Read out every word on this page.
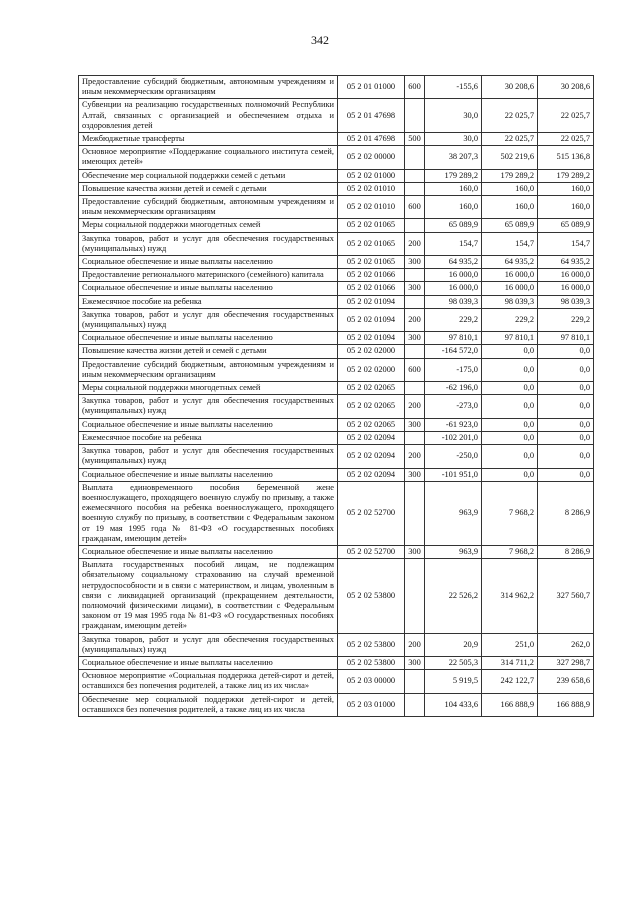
342
Предоставление субсидий бюджетным, автономным учреждениям и иным некоммерческим организациям	05 2 01 01000	600	-155,6	30 208,6	30 208,6
Субвенции на реализацию государственных полномочий Республики Алтай, связанных с организацией и обеспечением отдыха и оздоровления детей	05 2 01 47698		30,0	22 025,7	22 025,7
Межбюджетные трансферты	05 2 01 47698	500	30,0	22 025,7	22 025,7
Основное мероприятие «Поддержание социального института семей, имеющих детей»	05 2 02 00000		38 207,3	502 219,6	515 136,8
Обеспечение мер социальной поддержки семей с детьми	05 2 02 01000		179 289,2	179 289,2	179 289,2
Повышение качества жизни детей и семей с детьми	05 2 02 01010		160,0	160,0	160,0
Предоставление субсидий бюджетным, автономным учреждениям и иным некоммерческим организациям	05 2 02 01010	600	160,0	160,0	160,0
Меры социальной поддержки многодетных семей	05 2 02 01065		65 089,9	65 089,9	65 089,9
Закупка товаров, работ и услуг для обеспечения государственных (муниципальных) нужд	05 2 02 01065	200	154,7	154,7	154,7
Социальное обеспечение и иные выплаты населению	05 2 02 01065	300	64 935,2	64 935,2	64 935,2
Предоставление регионального материнского (семейного) капитала	05 2 02 01066		16 000,0	16 000,0	16 000,0
Социальное обеспечение и иные выплаты населению	05 2 02 01066	300	16 000,0	16 000,0	16 000,0
Ежемесячное пособие на ребенка	05 2 02 01094		98 039,3	98 039,3	98 039,3
Закупка товаров, работ и услуг для обеспечения государственных (муниципальных) нужд	05 2 02 01094	200	229,2	229,2	229,2
Социальное обеспечение и иные выплаты населению	05 2 02 01094	300	97 810,1	97 810,1	97 810,1
Повышение качества жизни детей и семей с детьми	05 2 02 02000		-164 572,0	0,0	0,0
Предоставление субсидий бюджетным, автономным учреждениям и иным некоммерческим организациям	05 2 02 02000	600	-175,0	0,0	0,0
Меры социальной поддержки многодетных семей	05 2 02 02065		-62 196,0	0,0	0,0
Закупка товаров, работ и услуг для обеспечения государственных (муниципальных) нужд	05 2 02 02065	200	-273,0	0,0	0,0
Социальное обеспечение и иные выплаты населению	05 2 02 02065	300	-61 923,0	0,0	0,0
Ежемесячное пособие на ребенка	05 2 02 02094		-102 201,0	0,0	0,0
Закупка товаров, работ и услуг для обеспечения государственных (муниципальных) нужд	05 2 02 02094	200	-250,0	0,0	0,0
Социальное обеспечение и иные выплаты населению	05 2 02 02094	300	-101 951,0	0,0	0,0
Выплата единовременного пособия беременной жене военнослужащего, проходящего военную службу по призыву, а также ежемесячного пособия на ребенка военнослужащего, проходящего военную службу по призыву, в соответствии с Федеральным законом от 19 мая 1995 года № 81-ФЗ «О государственных пособиях гражданам, имеющим детей»	05 2 02 52700		963,9	7 968,2	8 286,9
Социальное обеспечение и иные выплаты населению	05 2 02 52700	300	963,9	7 968,2	8 286,9
Выплата государственных пособий лицам, не подлежащим обязательному социальному страхованию на случай временной нетрудоспособности и в связи с материнством, и лицам, уволенным в связи с ликвидацией организаций (прекращением деятельности, полномочий физическими лицами), в соответствии с Федеральным законом от 19 мая 1995 года № 81-ФЗ «О государственных пособиях гражданам, имеющим детей»	05 2 02 53800		22 526,2	314 962,2	327 560,7
Закупка товаров, работ и услуг для обеспечения государственных (муниципальных) нужд	05 2 02 53800	200	20,9	251,0	262,0
Социальное обеспечение и иные выплаты населению	05 2 02 53800	300	22 505,3	314 711,2	327 298,7
Основное мероприятие «Социальная поддержка детей-сирот и детей, оставшихся без попечения родителей, а также лиц из их числа»	05 2 03 00000		5 919,5	242 122,7	239 658,6
Обеспечение мер социальной поддержки детей-сирот и детей, оставшихся без попечения родителей, а также лиц из их числа	05 2 03 01000		104 433,6	166 888,9	166 888,9
